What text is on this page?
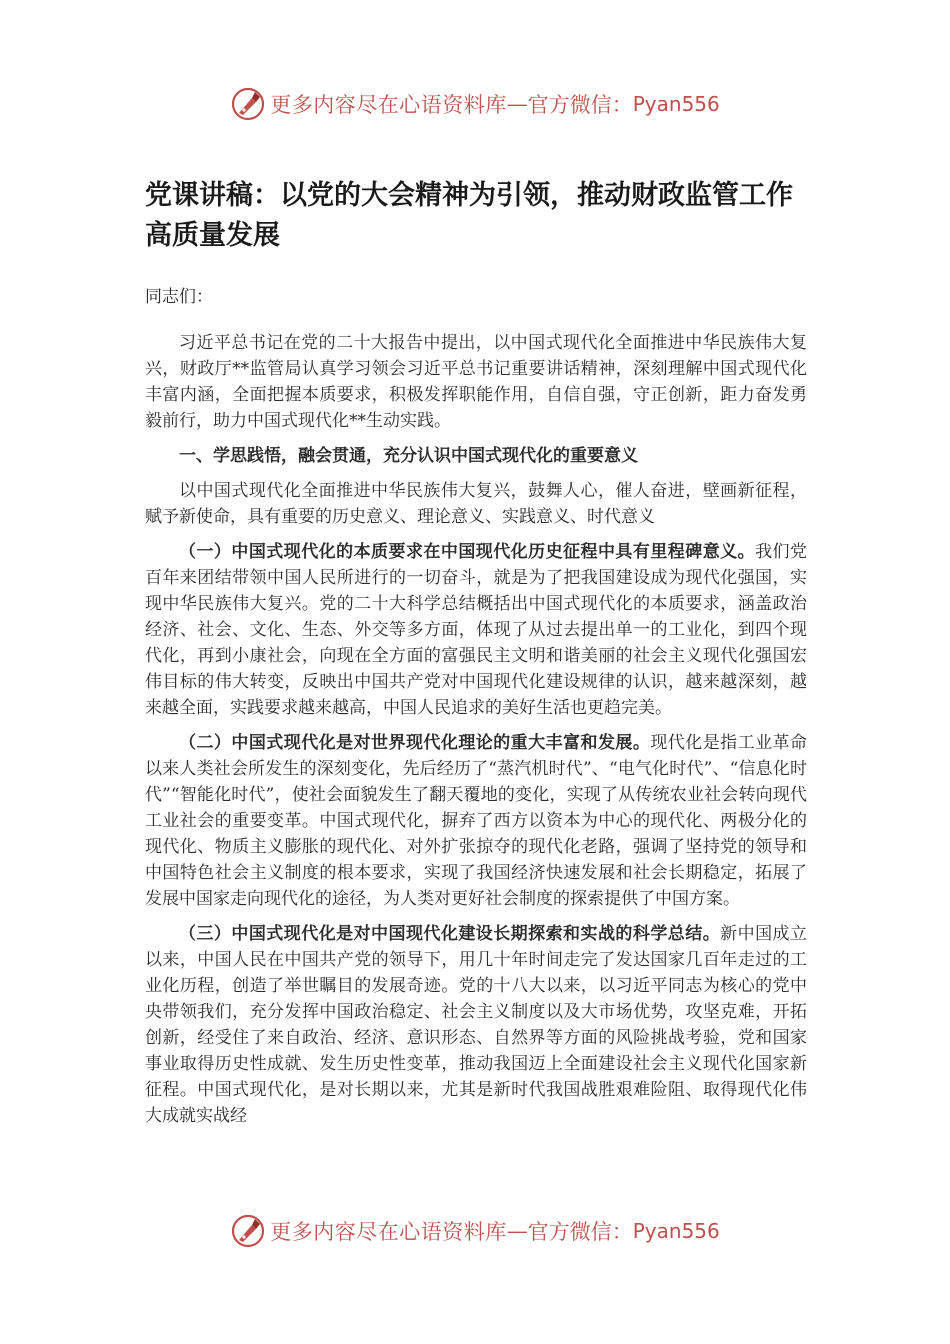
更多内容尽在心语资料库 — 官方微信： Pyan556
党课讲稿：以党的大会精神为引领，推动财政监管工作高质量发展

同志们：

习近平总书记在党的二十大报告中提出，以中国式现代化全面推进中华民族伟大复兴，财政厅**监管局认真学习领会习近平总书记重要讲话精神，深刻理解中国式现代化丰富内涵，全面把握本质要求，积极发挥职能作用，自信自强，守正创新，距力奋发勇毅前行，助力中国式现代化**生动实践。

一、学思践悟，融会贯通，充分认识中国式现代化的重要意义

以中国式现代化全面推进中华民族伟大复兴，鼓舞人心，催人奋进，壁画新征程，赋予新使命，具有重要的历史意义、理论意义、实践意义、时代意义

（一）中国式现代化的本质要求在中国现代化历史征程中具有里程碑意义。我们党百年来团结带领中国人民所进行的一切奋斗，就是为了把我国建设成为现代化强国，实现中华民族伟大复兴。党的二十大科学总结概括出中国式现代化的本质要求，涵盖政治经济、社会、文化、生态、外交等多方面，体现了从过去提出单一的工业化，到四个现代化，再到小康社会，向现在全方面的富强民主文明和谐美丽的社会主义现代化强国宏伟目标的伟大转变，反映出中国共产党对中国现代化建设规律的认识，越来越深刻，越来越全面，实践要求越来越高，中国人民追求的美好生活也更趋完美。

（二）中国式现代化是对世界现代化理论的重大丰富和发展。现代化是指工业革命以来人类社会所发生的深刻变化，先后经历了“蒸汽机时代”、“电气化时代”、“信息化时代”“智能化时代”，使社会面貌发生了翻天覆地的变化，实现了从传统农业社会转向现代工业社会的重要变革。中国式现代化，摒弃了西方以资本为中心的现代化、两极分化的现代化、物质主义膨胀的现代化、对外扩张掠夺的现代化老路，强调了坚持党的领导和中国特色社会主义制度的根本要求，实现了我国经济快速发展和社会长期稳定，拓展了发展中国家走向现代化的途径，为人类对更好社会制度的探索提供了中国方案。

（三）中国式现代化是对中国现代化建设长期探索和实战的科学总结。新中国成立以来，中国人民在中国共产党的领导下，用几十年时间走完了发达国家几百年走过的工业化历程，创造了举世瞩目的发展奇迹。党的十八大以来，以习近平同志为核心的党中央带领我们，充分发挥中国政治稳定、社会主义制度以及大市场优势，攻坚克难，开拓创新，经受住了来自政治、经济、意识形态、自然界等方面的风险挑战考验，党和国家事业取得历史性成就、发生历史性变革，推动我国迈上全面建设社会主义现代化国家新征程。中国式现代化，是对长期以来，尤其是新时代我国战胜艰难险阻、取得现代化伟大成就实战经

更多内容尽在心语资料库 — 官方微信： Pyan556
